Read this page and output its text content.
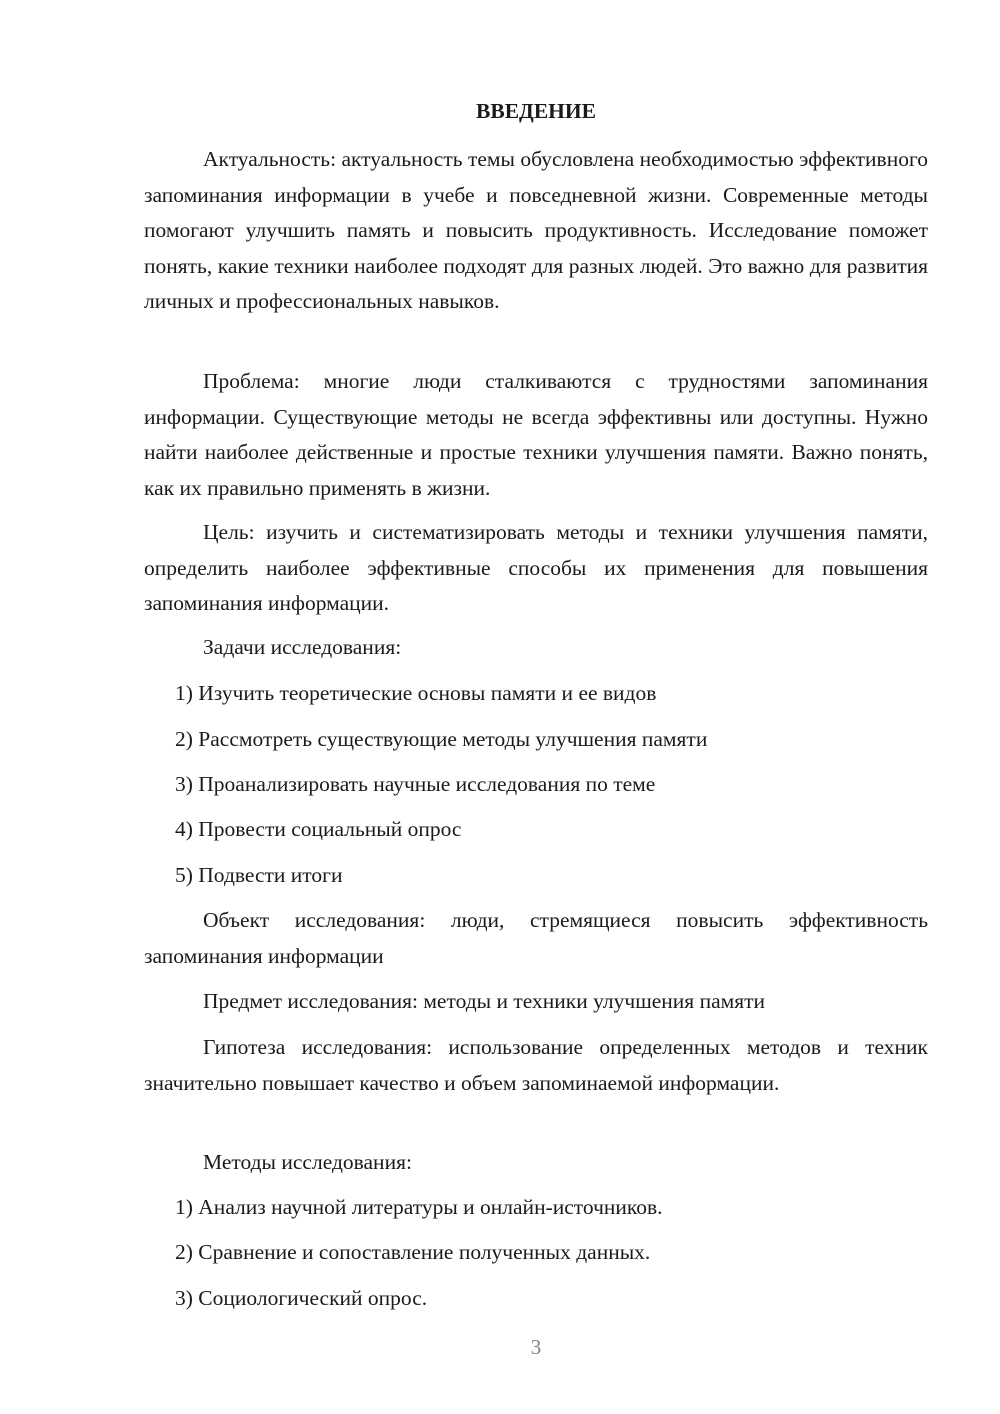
ВВЕДЕНИЕ

Актуальность: актуальность темы обусловлена необходимостью эффективного запоминания информации в учебе и повседневной жизни. Современные методы помогают улучшить память и повысить продуктивность. Исследование поможет понять, какие техники наиболее подходят для разных людей. Это важно для развития личных и профессиональных навыков.

Проблема: многие люди сталкиваются с трудностями запоминания информации. Существующие методы не всегда эффективны или доступны. Нужно найти наиболее действенные и простые техники улучшения памяти. Важно понять, как их правильно применять в жизни.

Цель: изучить и систематизировать методы и техники улучшения памяти, определить наиболее эффективные способы их применения для повышения запоминания информации.

Задачи исследования:

1) Изучить теоретические основы памяти и ее видов

2) Рассмотреть существующие методы улучшения памяти

3) Проанализировать научные исследования по теме

4) Провести социальный опрос

5) Подвести итоги

Объект исследования: люди, стремящиеся повысить эффективность запоминания информации

Предмет исследования: методы и техники улучшения памяти

Гипотеза исследования: использование определенных методов и техник значительно повышает качество и объем запоминаемой информации.

Методы исследования:

1) Анализ научной литературы и онлайн-источников.

2) Сравнение и сопоставление полученных данных.

3) Социологический опрос.

3
